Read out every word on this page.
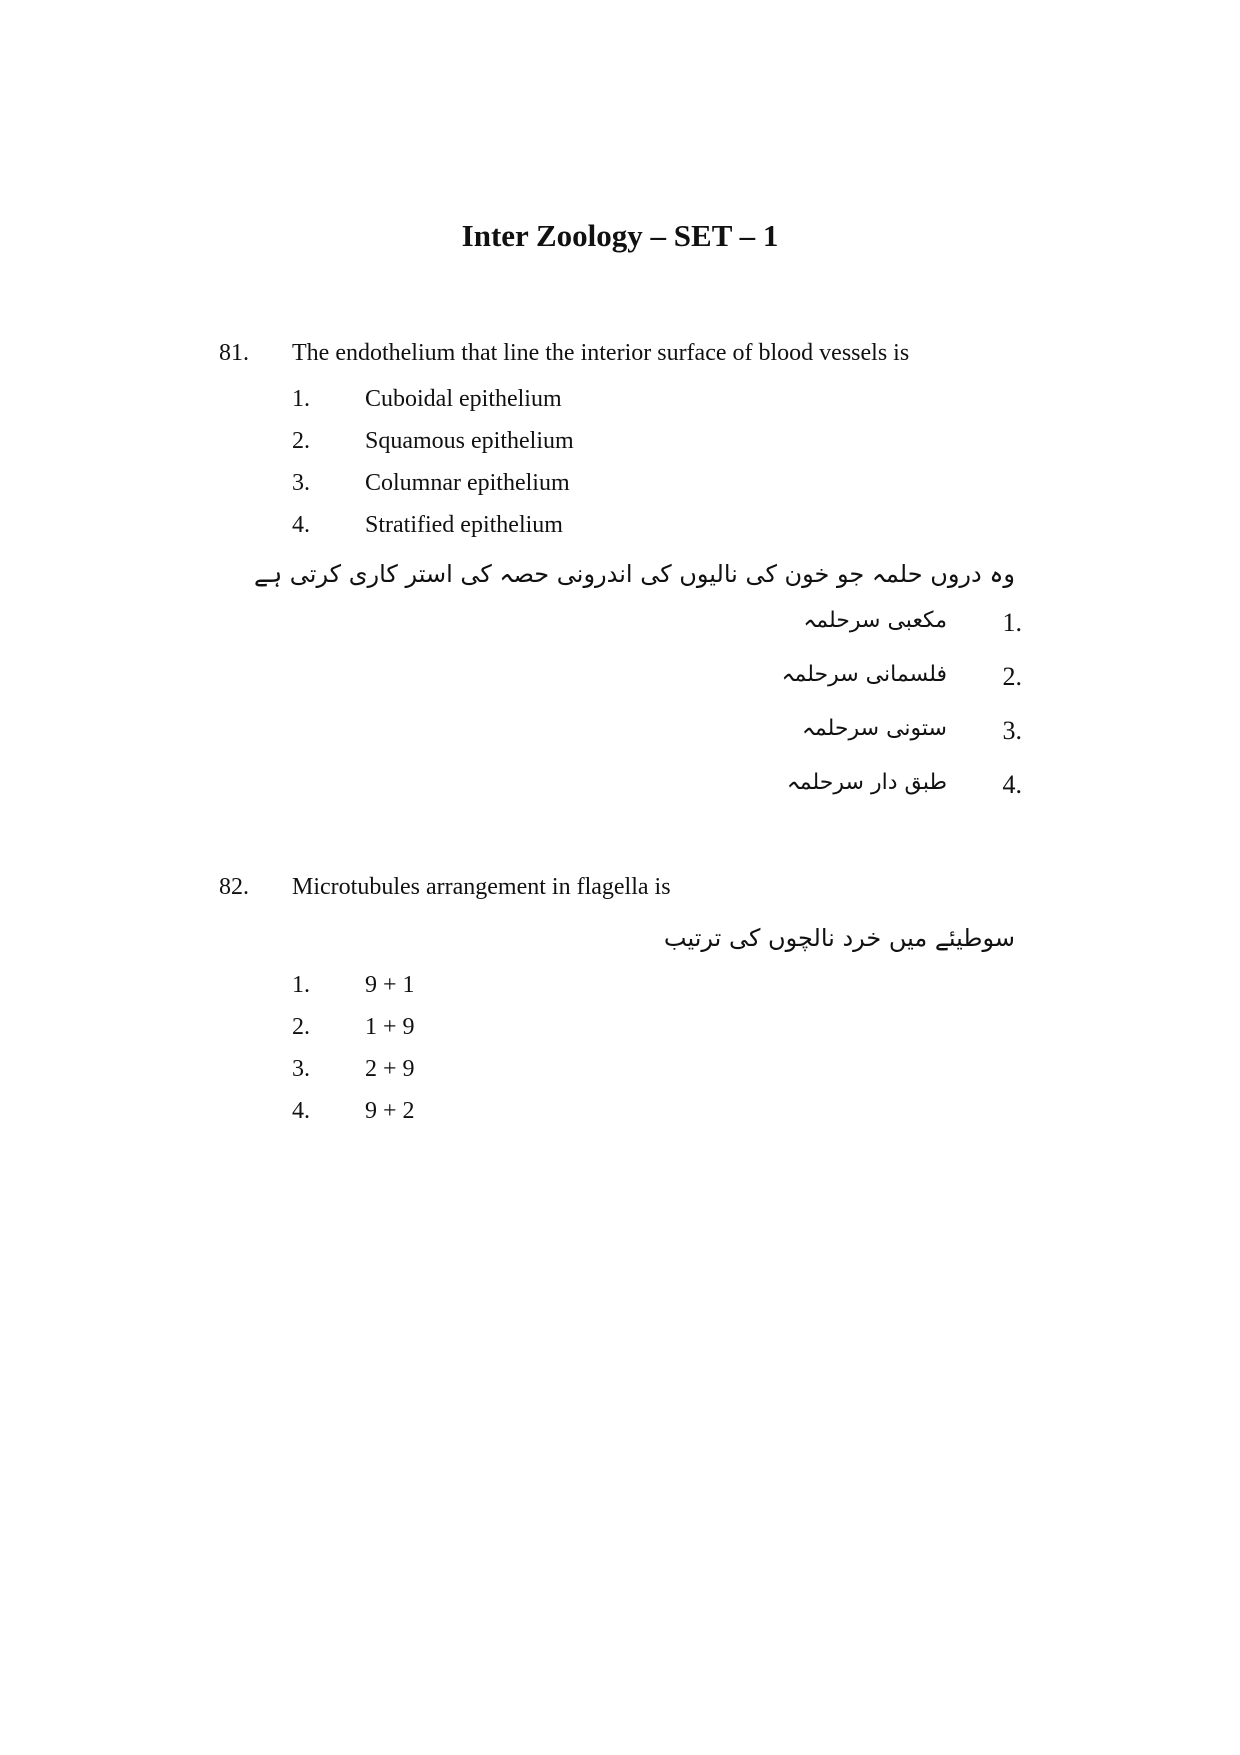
Inter Zoology – SET – 1
81. The endothelium that line the interior surface of blood vessels is
1. Cuboidal epithelium
2. Squamous epithelium
3. Columnar epithelium
4. Stratified epithelium
وہ دروں حلمہ جو خون کی نالیوں کی اندرونی حصہ کی استر کاری کرتی ہے
1.
مکعبی سرحلمہ
2.
فلسمانی سرحلمہ
3.
ستونی سرحلمہ
4.
طبق دار سرحلمہ
82. Microtubules arrangement in flagella is
سوطیئے میں خرد نالچوں کی ترتیب
1. 9 + 1
2. 1 + 9
3. 2 + 9
4. 9 + 2
